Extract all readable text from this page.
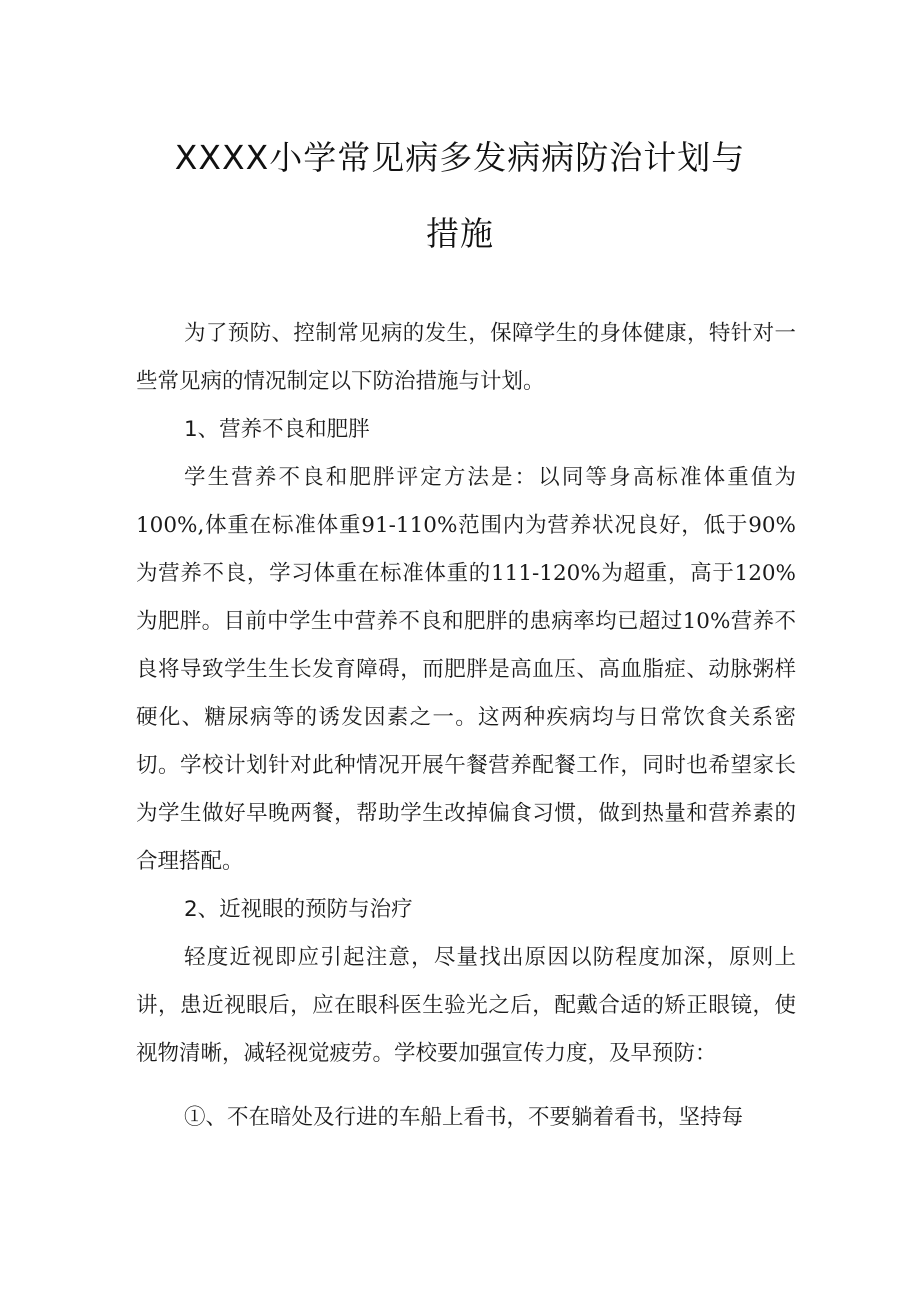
XXXX小学常见病多发病病防治计划与
措施

为了预防、控制常见病的发生，保障学生的身体健康，特针对一些常见病的情况制定以下防治措施与计划。

1、营养不良和肥胖

学生营养不良和肥胖评定方法是：以同等身高标准体重值为100%,体重在标准体重91-110%范围内为营养状况良好，低于90%为营养不良，学习体重在标准体重的111-120%为超重，高于120%为肥胖。目前中学生中营养不良和肥胖的患病率均已超过10%营养不良将导致学生生长发育障碍，而肥胖是高血压、高血脂症、动脉粥样硬化、糖尿病等的诱发因素之一。这两种疾病均与日常饮食关系密切。学校计划针对此种情况开展午餐营养配餐工作，同时也希望家长为学生做好早晚两餐，帮助学生改掉偏食习惯，做到热量和营养素的合理搭配。

2、近视眼的预防与治疗

轻度近视即应引起注意，尽量找出原因以防程度加深，原则上讲，患近视眼后，应在眼科医生验光之后，配戴合适的矫正眼镜，使视物清晰，减轻视觉疲劳。学校要加强宣传力度，及早预防：

①、不在暗处及行进的车船上看书，不要躺着看书，坚持每
